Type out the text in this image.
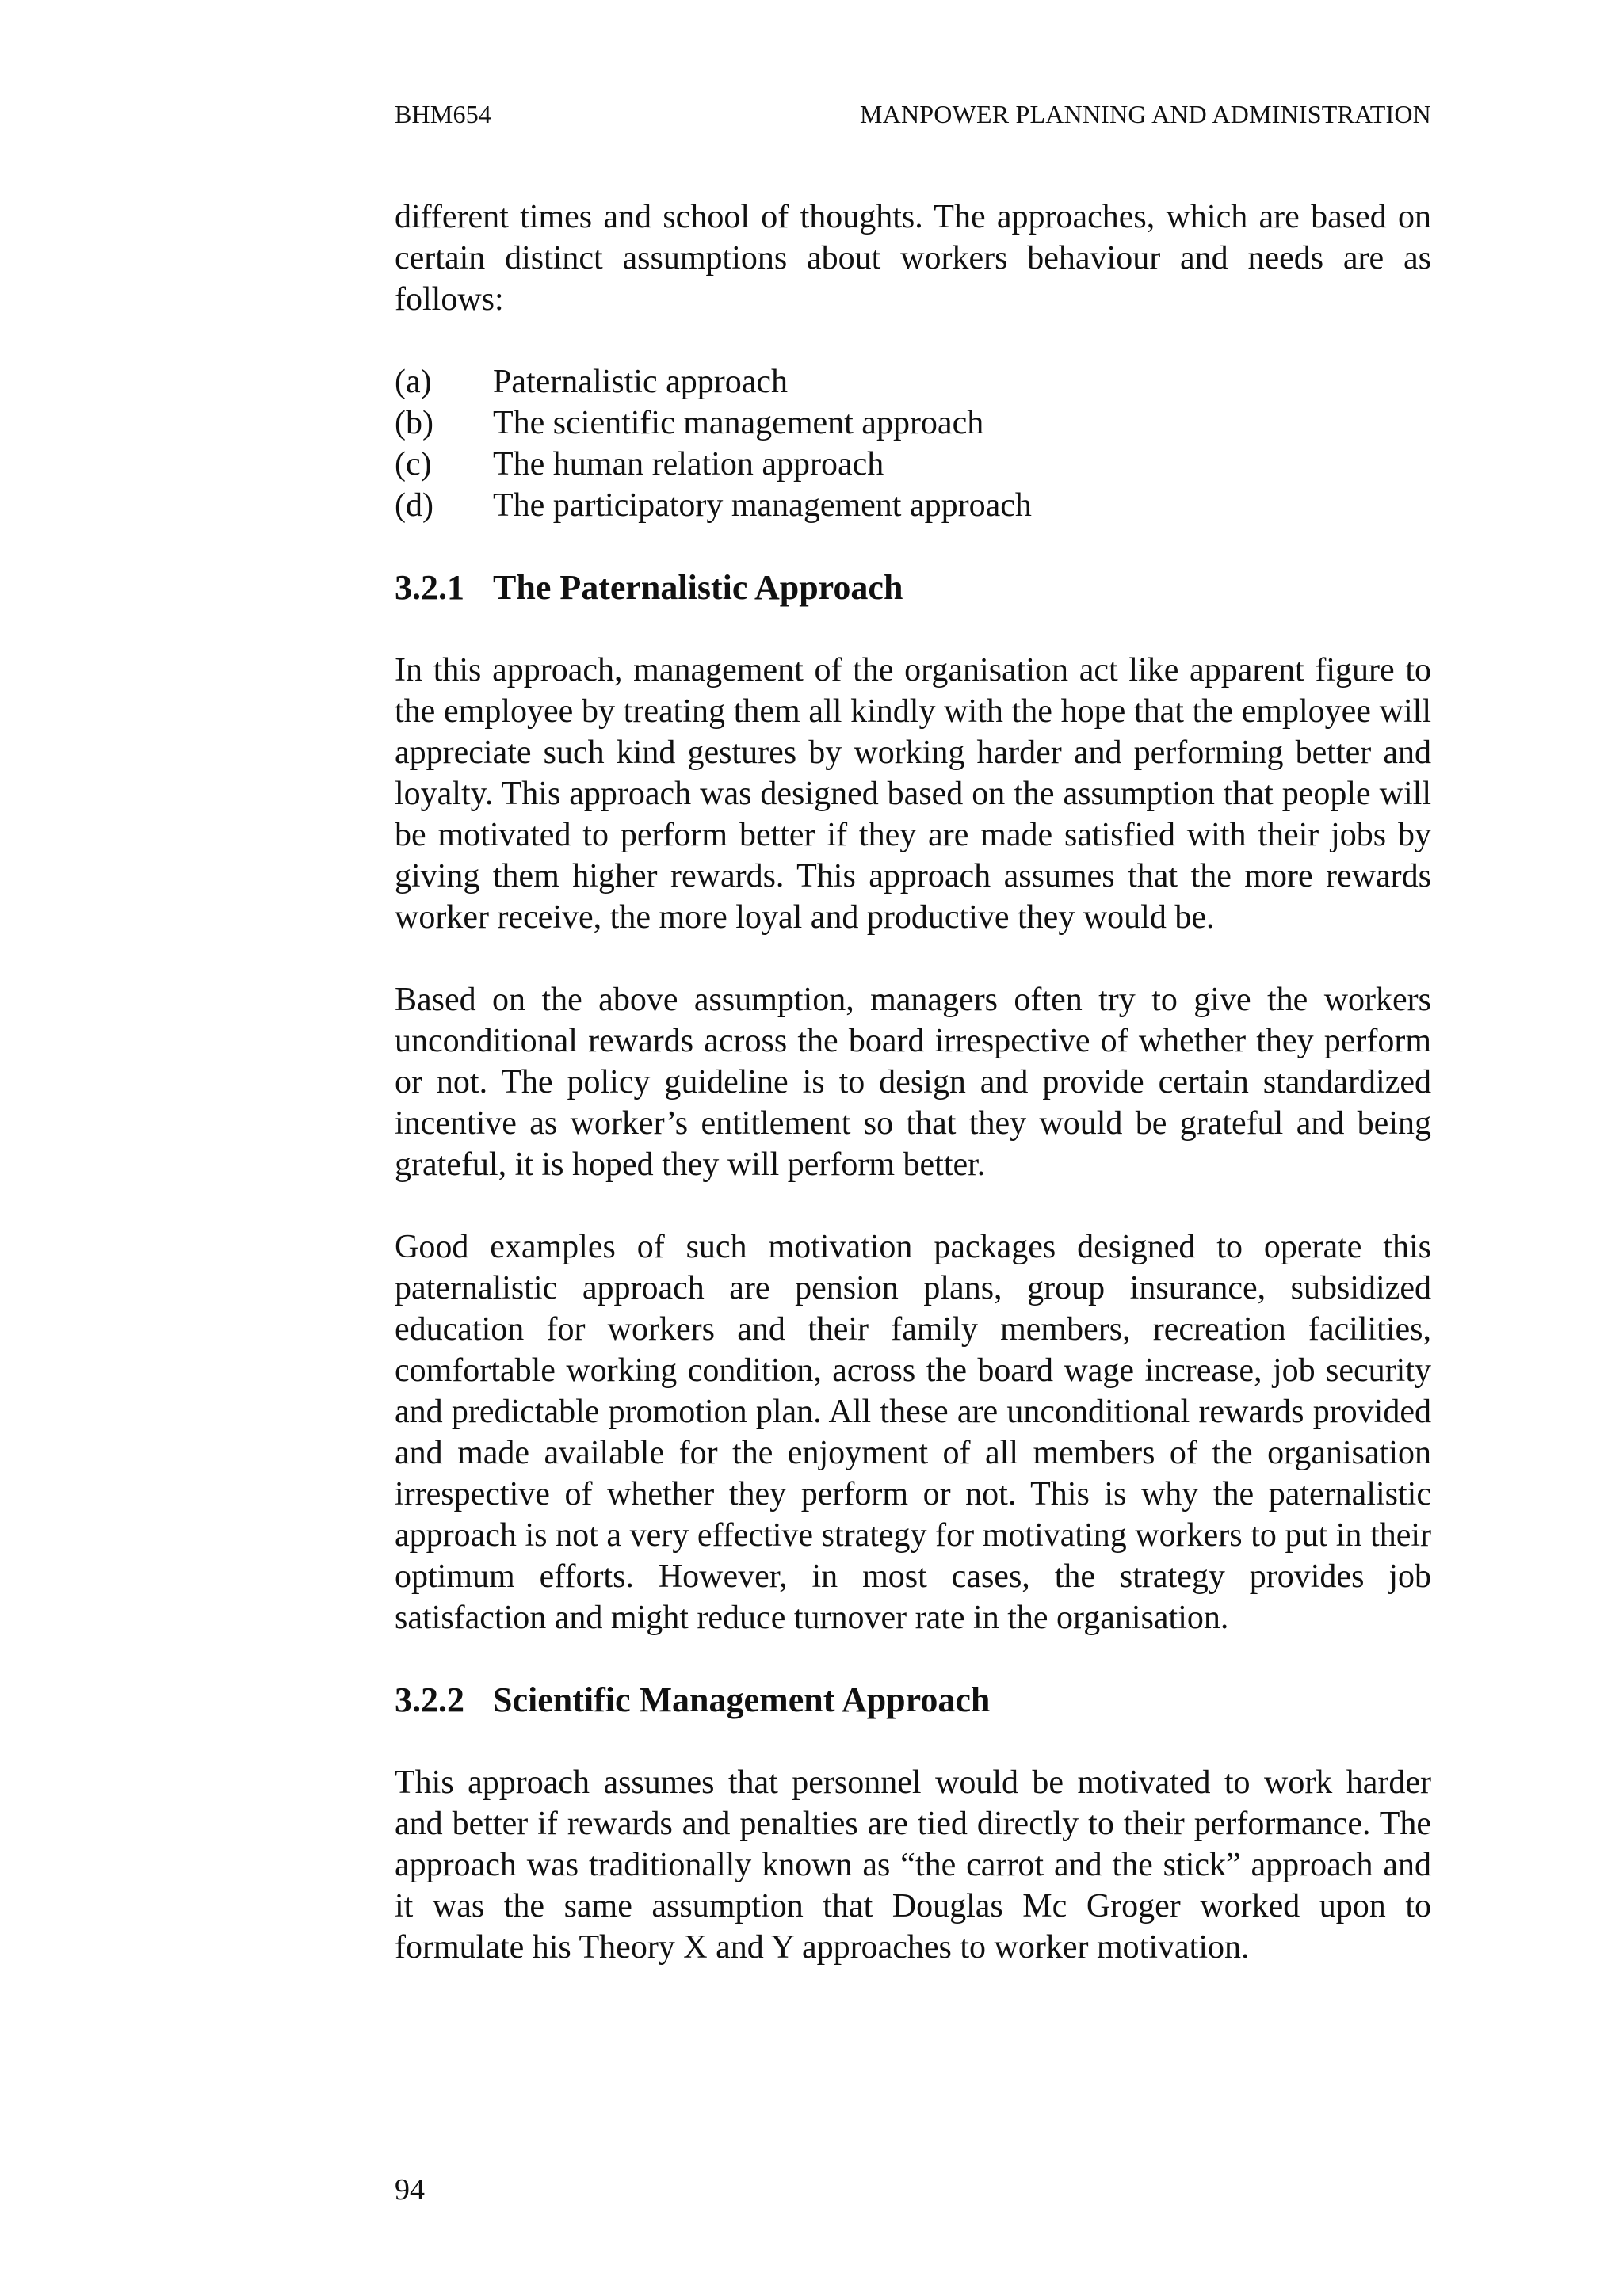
BHM654	MANPOWER PLANNING AND ADMINISTRATION

different times and school of thoughts. The approaches, which are based on certain distinct assumptions about workers behaviour and needs are as follows:

(a)	Paternalistic approach
(b)	The scientific management approach
(c)	The human relation approach
(d)	The participatory management approach
3.2.1 The Paternalistic Approach

In this approach, management of the organisation act like apparent figure to the employee by treating them all kindly with the hope that the employee will appreciate such kind gestures by working harder and performing better and loyalty. This approach was designed based on the assumption that people will be motivated to perform better if they are made satisfied with their jobs by giving them higher rewards. This approach assumes that the more rewards worker receive, the more loyal and productive they would be.

Based on the above assumption, managers often try to give the workers unconditional rewards across the board irrespective of whether they perform or not. The policy guideline is to design and provide certain standardized incentive as worker’s entitlement so that they would be grateful and being grateful, it is hoped they will perform better.

Good examples of such motivation packages designed to operate this paternalistic approach are pension plans, group insurance, subsidized education for workers and their family members, recreation facilities, comfortable working condition, across the board wage increase, job security and predictable promotion plan. All these are unconditional rewards provided and made available for the enjoyment of all members of the organisation irrespective of whether they perform or not. This is why the paternalistic approach is not a very effective strategy for motivating workers to put in their optimum efforts. However, in most cases, the strategy provides job satisfaction and might reduce turnover rate in the organisation.

3.2.2 Scientific Management Approach

This approach assumes that personnel would be motivated to work harder and better if rewards and penalties are tied directly to their performance. The approach was traditionally known as “the carrot and the stick” approach and it was the same assumption that Douglas Mc Groger worked upon to formulate his Theory X and Y approaches to worker motivation.

94
